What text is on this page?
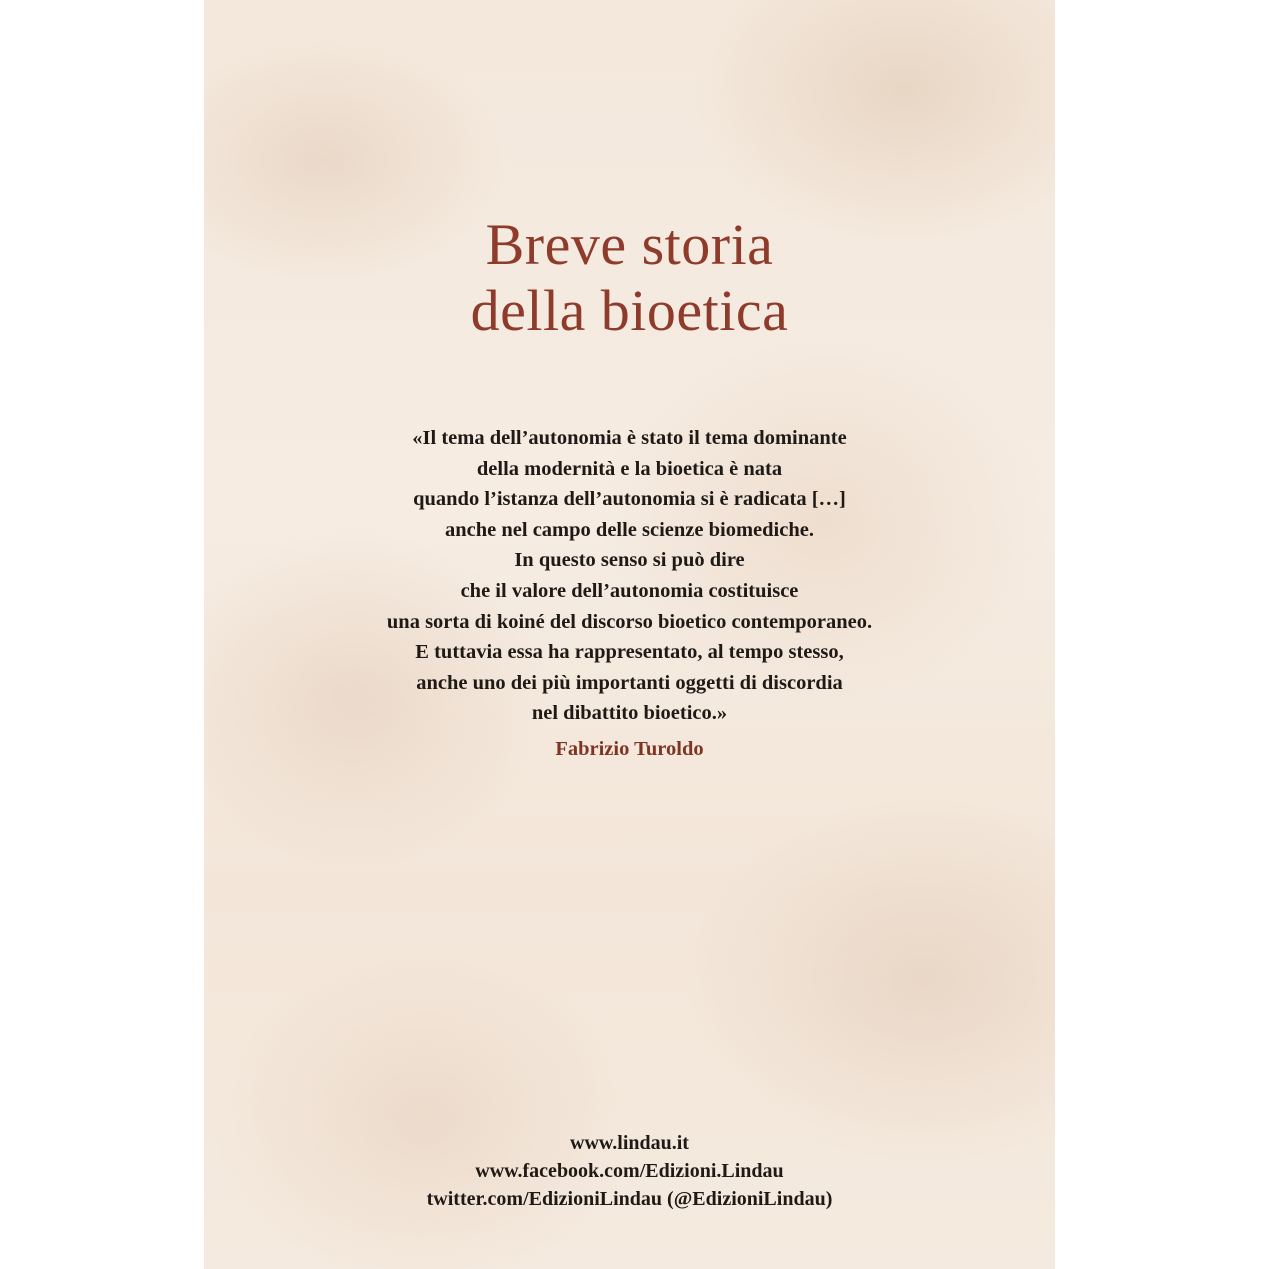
Breve storia
della bioetica
«Il tema dell’autonomia è stato il tema dominante
della modernità e la bioetica è nata
quando l’istanza dell’autonomia si è radicata […]
anche nel campo delle scienze biomediche.
In questo senso si può dire
che il valore dell’autonomia costituisce
una sorta di koiné del discorso bioetico contemporaneo.
E tuttavia essa ha rappresentato, al tempo stesso,
anche uno dei più importanti oggetti di discordia
nel dibattito bioetico.»
Fabrizio Turoldo
www.lindau.it
www.facebook.com/Edizioni.Lindau
twitter.com/EdizioniLindau (@EdizioniLindau)
